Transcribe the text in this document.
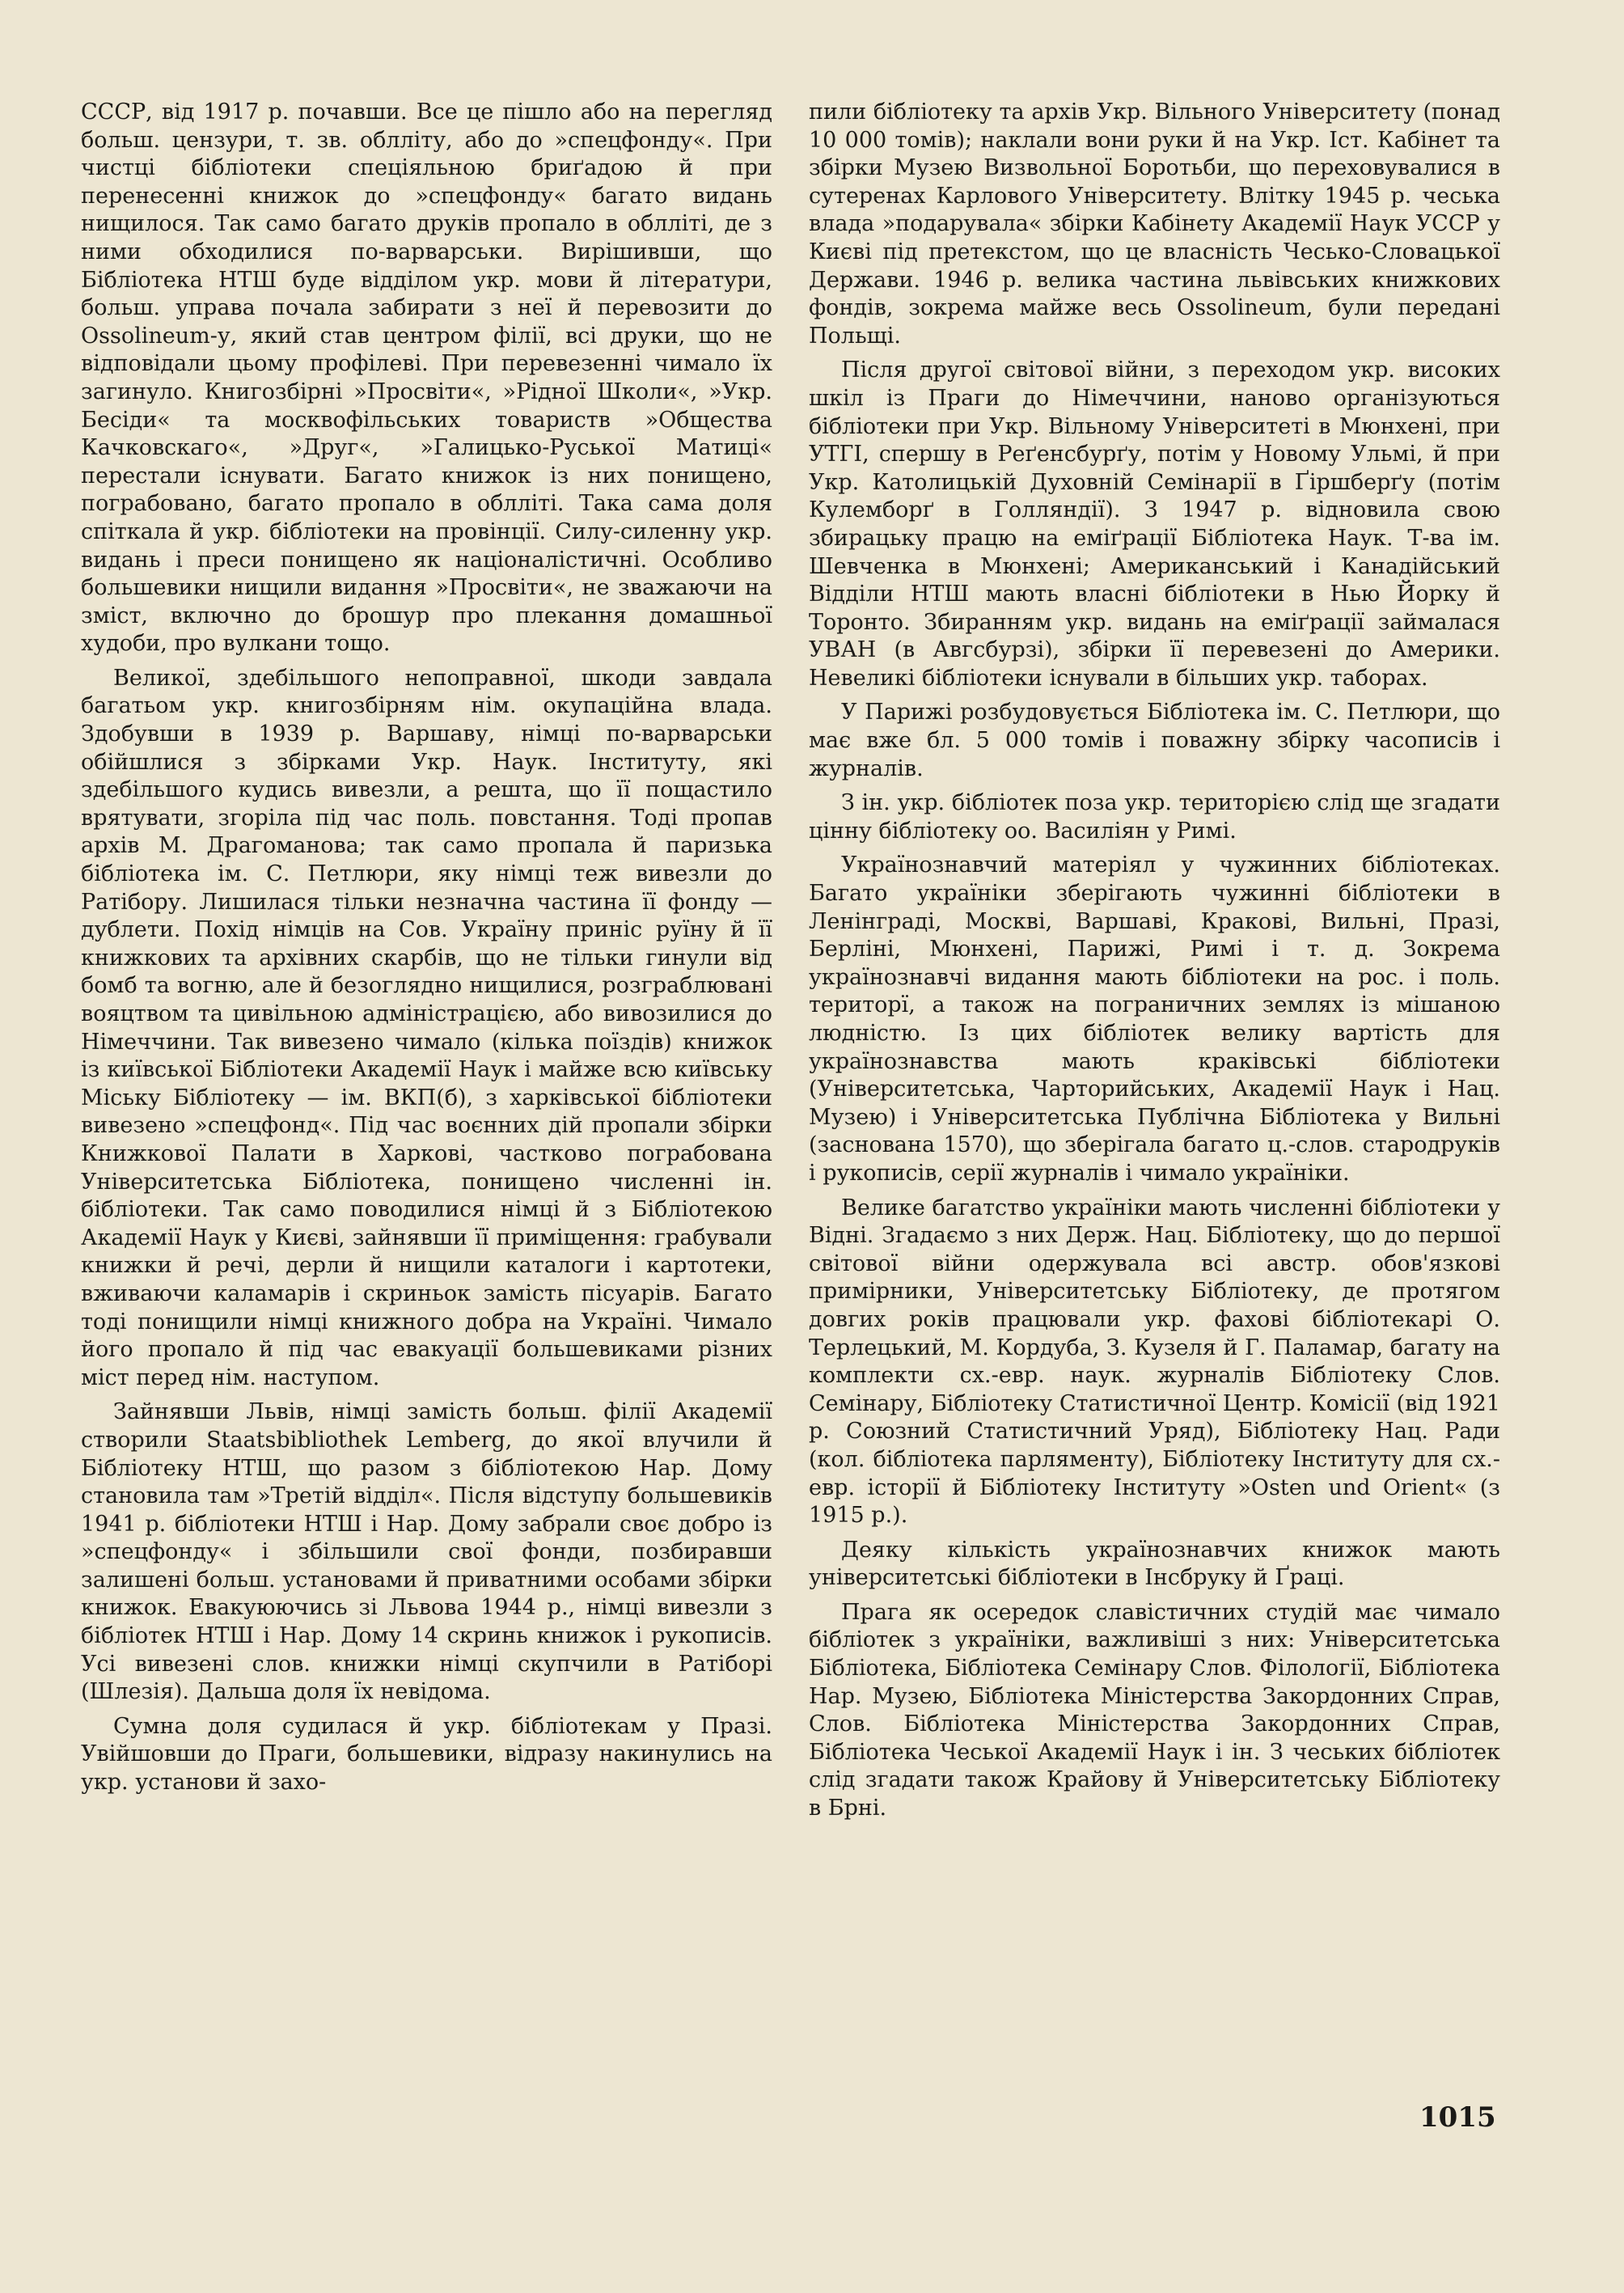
СССР, від 1917 р. почавши. Все це пішло або на перегляд больш. цензури, т. зв. облліту, або до »спецфонду«. При чистці бібліотеки спеціяльною бриґадою й при перенесенні книжок до »спецфонду« багато видань нищилося. Так само багато друків пропало в облліті, де з ними обходилися по-варварськи. Вирішивши, що Бібліотека НТШ буде відділом укр. мови й літератури, больш. управа почала забирати з неї й перевозити до Ossolineum-у, який став центром філії, всі друки, що не відповідали цьому профілеві. При перевезенні чимало їх загинуло. Книгозбірні »Просвіти«, »Рідної Школи«, »Укр. Бесіди« та москвофільських товариств »Общества Качковскаго«, »Друг«, »Галицько-Руської Матиці« перестали існувати. Багато книжок із них понищено, пограбовано, багато пропало в облліті. Така сама доля спіткала й укр. бібліотеки на провінції. Силу-силенну укр. видань і преси понищено як націоналістичні. Особливо большевики нищили видання »Просвіти«, не зважаючи на зміст, включно до брошур про плекання домашньої худоби, про вулкани тощо.

Великої, здебільшого непоправної, шкоди завдала багатьом укр. книгозбірням нім. окупаційна влада. Здобувши в 1939 р. Варшаву, німці по-варварськи обійшлися з збірками Укр. Наук. Інституту, які здебільшого кудись вивезли, а решта, що її пощастило врятувати, згоріла під час поль. повстання. Тоді пропав архів М. Драгоманова; так само пропала й паризька бібліотека ім. С. Петлюри, яку німці теж вивезли до Ратібору. Лишилася тільки незначна частина її фонду — дублети. Похід німців на Сов. Україну приніс руїну й її книжкових та архівних скарбів, що не тільки гинули від бомб та вогню, але й безоглядно нищилися, розграблювані вояцтвом та цивільною адміністрацією, або вивозилися до Німеччини. Так вивезено чимало (кілька поїздів) книжок із київської Бібліотеки Академії Наук і майже всю київську Міську Бібліотеку — ім. ВКП(б), з харківської бібліотеки вивезено »спецфонд«. Під час воєнних дій пропали збірки Книжкової Палати в Харкові, частково пограбована Університетська Бібліотека, понищено численні ін. бібліотеки. Так само поводилися німці й з Бібліотекою Академії Наук у Києві, зайнявши її приміщення: грабували книжки й речі, дерли й нищили каталоги і картотеки, вживаючи каламарів і скриньок замість пісуарів. Багато тоді понищили німці книжного добра на Україні. Чимало його пропало й під час евакуації большевиками різних міст перед нім. наступом.

Зайнявши Львів, німці замість больш. філії Академії створили Staatsbibliothek Lemberg, до якої влучили й Бібліотеку НТШ, що разом з бібліотекою Нар. Дому становила там »Третій відділ«. Після відступу большевиків 1941 р. бібліотеки НТШ і Нар. Дому забрали своє добро із »спецфонду« і збільшили свої фонди, позбиравши залишені больш. установами й приватними особами збірки книжок. Евакуюючись зі Львова 1944 р., німці вивезли з бібліотек НТШ і Нар. Дому 14 скринь книжок і рукописів. Усі вивезені слов. книжки німці скупчили в Ратіборі (Шлезія). Дальша доля їх невідома.

Сумна доля судилася й укр. бібліотекам у Празі. Увійшовши до Праги, большевики, відразу накинулись на укр. установи й захо-

пили бібліотеку та архів Укр. Вільного Університету (понад 10 000 томів); наклали вони руки й на Укр. Іст. Кабінет та збірки Музею Визвольної Боротьби, що переховувалися в сутеренах Карлового Університету. Влітку 1945 р. чеська влада »подарувала« збірки Кабінету Академії Наук УССР у Києві під претекстом, що це власність Чесько-Словацької Держави. 1946 р. велика частина львівських книжкових фондів, зокрема майже весь Ossolineum, були передані Польщі.

Після другої світової війни, з переходом укр. високих шкіл із Праги до Німеччини, наново організуються бібліотеки при Укр. Вільному Університеті в Мюнхені, при УТГІ, спершу в Реґенсбурґу, потім у Новому Ульмі, й при Укр. Католицькій Духовній Семінарії в Ґіршберґу (потім Кулемборґ в Голляндії). З 1947 р. відновила свою збирацьку працю на еміґрації Бібліотека Наук. Т-ва ім. Шевченка в Мюнхені; Американський і Канадійський Відділи НТШ мають власні бібліотеки в Нью Йорку й Торонто. Збиранням укр. видань на еміґрації займалася УВАН (в Авгсбурзі), збірки її перевезені до Америки. Невеликі бібліотеки існували в більших укр. таборах.

У Парижі розбудовується Бібліотека ім. С. Петлюри, що має вже бл. 5 000 томів і поважну збірку часописів і журналів.

З ін. укр. бібліотек поза укр. територією слід ще згадати цінну бібліотеку оо. Василіян у Римі.

Українознавчий матеріял у чужинних бібліотеках. Багато україніки зберігають чужинні бібліотеки в Ленінграді, Москві, Варшаві, Кракові, Вильні, Празі, Берліні, Мюнхені, Парижі, Римі і т. д. Зокрема українознавчі видання мають бібліотеки на рос. і поль. територї, а також на пограничних землях із мішаною людністю. Із цих бібліотек велику вартість для українознавства мають краківські бібліотеки (Університетська, Чарторийських, Академії Наук і Нац. Музею) і Університетська Публічна Бібліотека у Вильні (заснована 1570), що зберігала багато ц.-слов. стародруків і рукописів, серії журналів і чимало україніки.

Велике багатство україніки мають численні бібліотеки у Відні. Згадаємо з них Держ. Нац. Бібліотеку, що до першої світової війни одержувала всі австр. обов'язкові примірники, Університетську Бібліотеку, де протягом довгих років працювали укр. фахові бібліотекарі О. Терлецький, М. Кордуба, З. Кузеля й Г. Паламар, багату на комплекти сх.-евр. наук. журналів Бібліотеку Слов. Семінару, Бібліотеку Статистичної Центр. Комісії (від 1921 р. Союзний Статистичний Уряд), Бібліотеку Нац. Ради (кол. бібліотека парляменту), Бібліотеку Інституту для сх.-евр. історії й Бібліотеку Інституту »Osten und Orient« (з 1915 р.).

Деяку кількість українознавчих книжок мають університетські бібліотеки в Інсбруку й Ґраці.

Прага як осередок славістичних студій має чимало бібліотек з україніки, важливіші з них: Університетська Бібліотека, Бібліотека Семінару Слов. Філології, Бібліотека Нар. Музею, Бібліотека Міністерства Закордонних Справ, Слов. Бібліотека Міністерства Закордонних Справ, Бібліотека Чеської Академії Наук і ін. З чеських бібліотек слід згадати також Крайову й Університетську Бібліотеку в Брні.

1015
